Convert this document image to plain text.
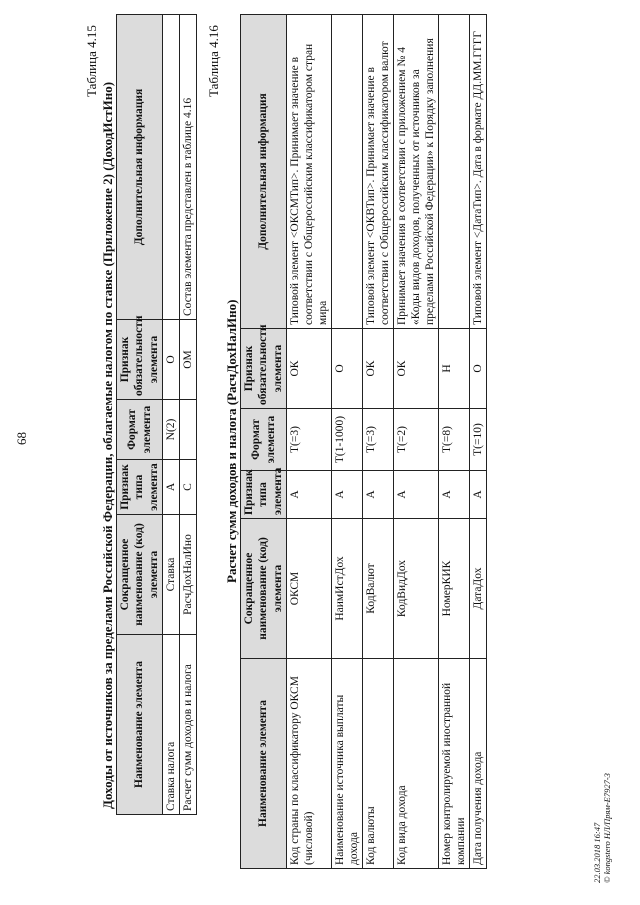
68
Таблица 4.15
Доходы от источников за пределами Российской Федерации, облагаемые налогом по ставке (Приложение 2) (ДоходИстИно) Наименование элемента	Сокращенное наименование (код) элемента	Признак типа элемента	Формат элемента	Признак обязательности элемента	Дополнительная информация
Ставка налога	Ставка	А	N(2)	О	
Расчет сумм доходов и налога	РасчДохНалИно	С		ОМ	Состав элемента представлен в таблице 4.16
Таблица 4.16
Расчет сумм доходов и налога (РасчДохНалИно)
Наименование элемента	Сокращенное наименование (код) элемента	Признак типа элемента	Формат элемента	Признак обязательности элемента	Дополнительная информация
Код страны по классификатору ОКСМ (числовой)	ОКСМ	А	T(=3)	ОК	Типовой элемент <ОКСМТип>. Принимает значение в соответствии с Общероссийским классификатором стран мира
Наименование источника выплаты дохода	НаимИстДох	А	T(1-1000)	О	
Код валюты	КодВалют	А	T(=3)	ОК	Типовой элемент <ОКВТип>. Принимает значение в соответствии с Общероссийским классификатором валют
Код вида дохода	КодВидДох	А	T(=2)	ОК	Принимает значения в соответствии с приложением № 4 «Коды видов доходов, полученных от источников за пределами Российской Федерации» к Порядку заполнения
Номер контролируемой иностранной компании	НомерКИК	А	T(=8)	Н	
Дата получения дохода	ДатаДох	А	T(=10)	О	Типовой элемент <ДатаТип>. Дата в формате ДД.ММ.ГГГГ
22.03.2018 16:47 © kongstero НЛ/Прям-Е7927-3
